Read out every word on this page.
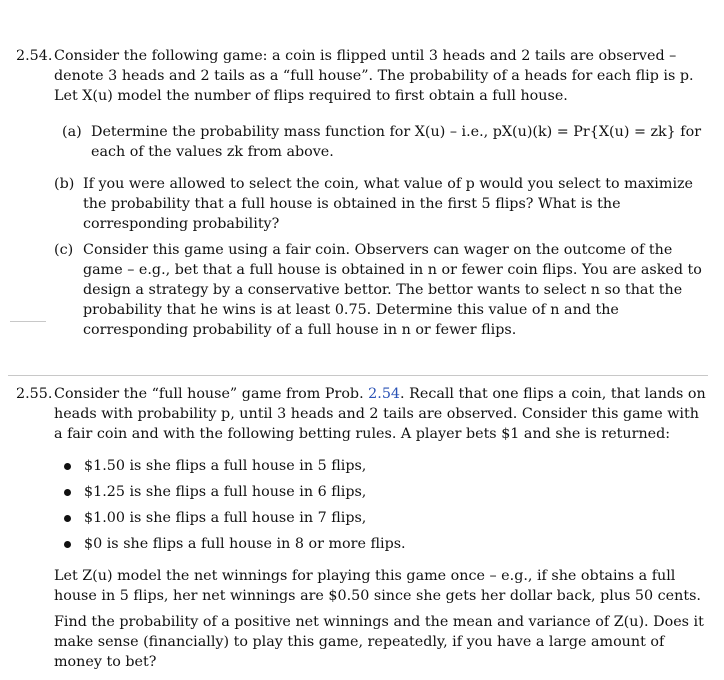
2.54. Consider the following game: a coin is flipped until 3 heads and 2 tails are observed – denote 3 heads and 2 tails as a “full house”. The probability of a heads for each flip is p. Let X(u) model the number of flips required to first obtain a full house.
(a) Determine the probability mass function for X(u) – i.e., pX(u)(k) = Pr{X(u) = zk} for each of the values zk from above.
(b) If you were allowed to select the coin, what value of p would you select to maximize the probability that a full house is obtained in the first 5 flips? What is the corresponding probability?
(c) Consider this game using a fair coin. Observers can wager on the outcome of the game – e.g., bet that a full house is obtained in n or fewer coin flips. You are asked to design a strategy by a conservative bettor. The bettor wants to select n so that the probability that he wins is at least 0.75. Determine this value of n and the corresponding probability of a full house in n or fewer flips.
2.55. Consider the “full house” game from Prob. 2.54. Recall that one flips a coin, that lands on heads with probability p, until 3 heads and 2 tails are observed. Consider this game with a fair coin and with the following betting rules. A player bets $1 and she is returned:
$1.50 is she flips a full house in 5 flips,
$1.25 is she flips a full house in 6 flips,
$1.00 is she flips a full house in 7 flips,
$0 is she flips a full house in 8 or more flips.

Let Z(u) model the net winnings for playing this game once – e.g., if she obtains a full house in 5 flips, her net winnings are $0.50 since she gets her dollar back, plus 50 cents.

Find the probability of a positive net winnings and the mean and variance of Z(u). Does it make sense (financially) to play this game, repeatedly, if you have a large amount of money to bet?
